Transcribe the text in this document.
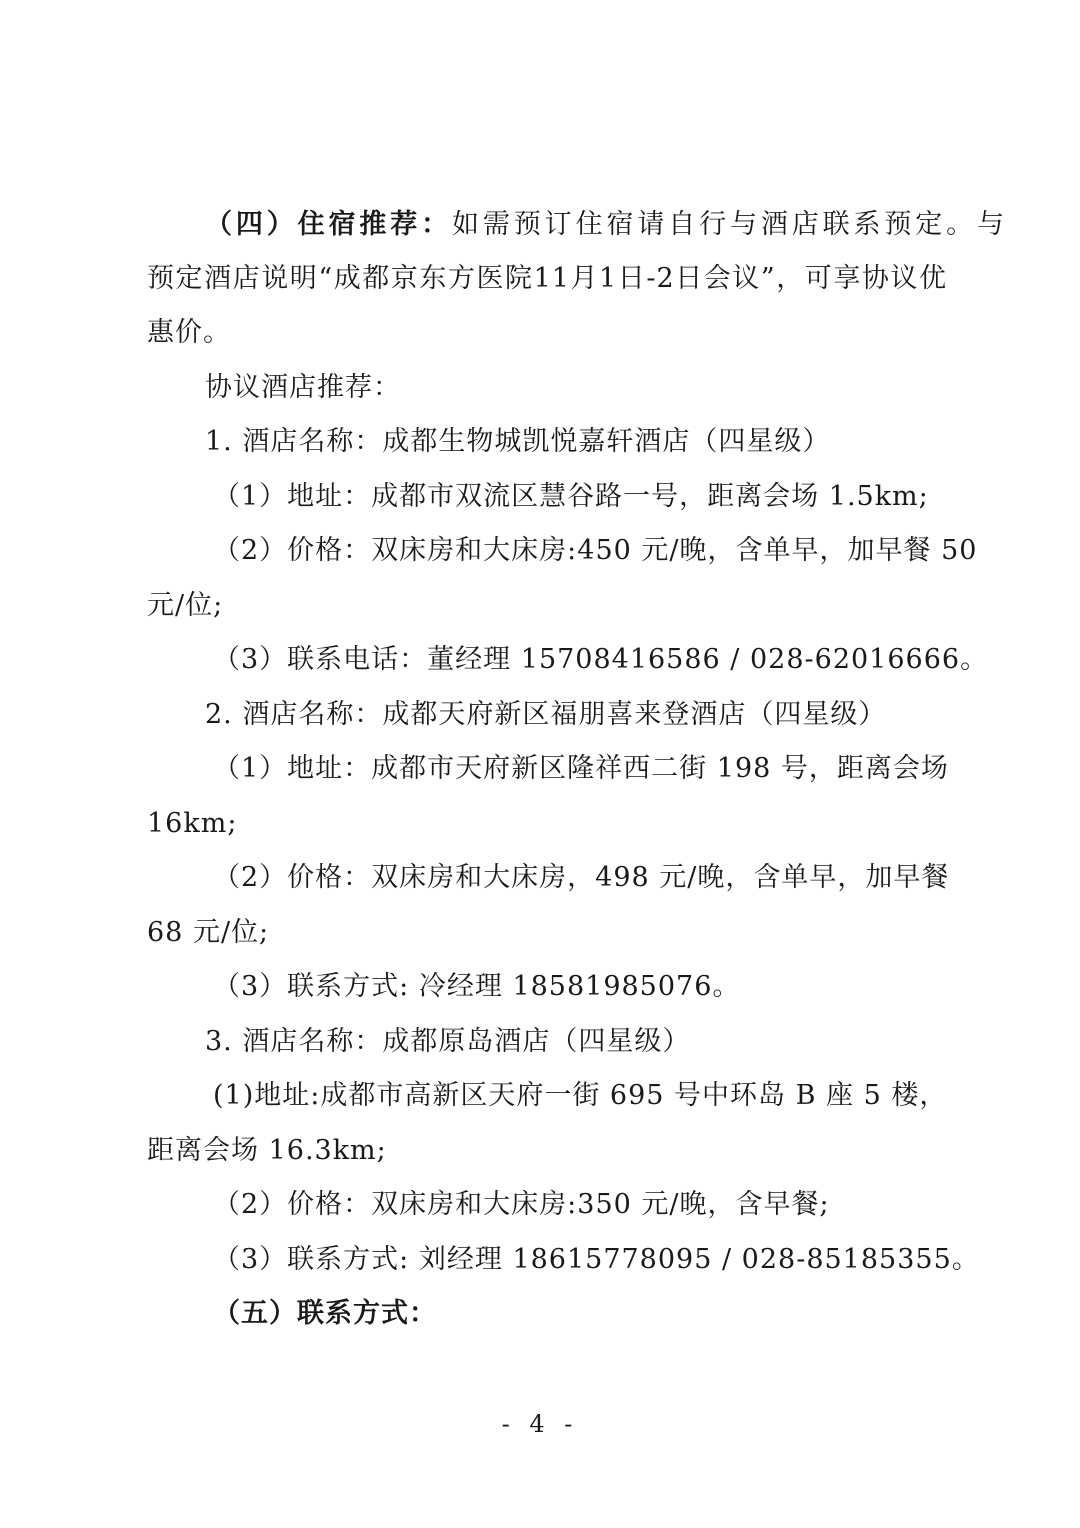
（四）住宿推荐：如需预订住宿请自行与酒店联系预定。与
预定酒店说明“成都京东方医院11月1日-2日会议”，可享协议优
惠价。
协议酒店推荐：
1. 酒店名称：成都生物城凯悦嘉轩酒店（四星级）
（1）地址：成都市双流区慧谷路一号，距离会场 1.5km;
（2）价格：双床房和大床房:450 元/晚，含单早，加早餐 50
元/位;
（3）联系电话：董经理 15708416586 / 028-62016666。
2. 酒店名称：成都天府新区福朋喜来登酒店（四星级）
（1）地址：成都市天府新区隆祥西二街 198 号，距离会场
16km;
（2）价格：双床房和大床房，498 元/晚，含单早，加早餐
68 元/位;
（3）联系方式: 冷经理 18581985076。
3. 酒店名称：成都原岛酒店（四星级）
(1)地址:成都市高新区天府一街 695 号中环岛 B 座 5 楼，
距离会场 16.3km;
（2）价格：双床房和大床房:350 元/晚，含早餐;
（3）联系方式: 刘经理 18615778095 / 028-85185355。
（五）联系方式：
- 4 -
